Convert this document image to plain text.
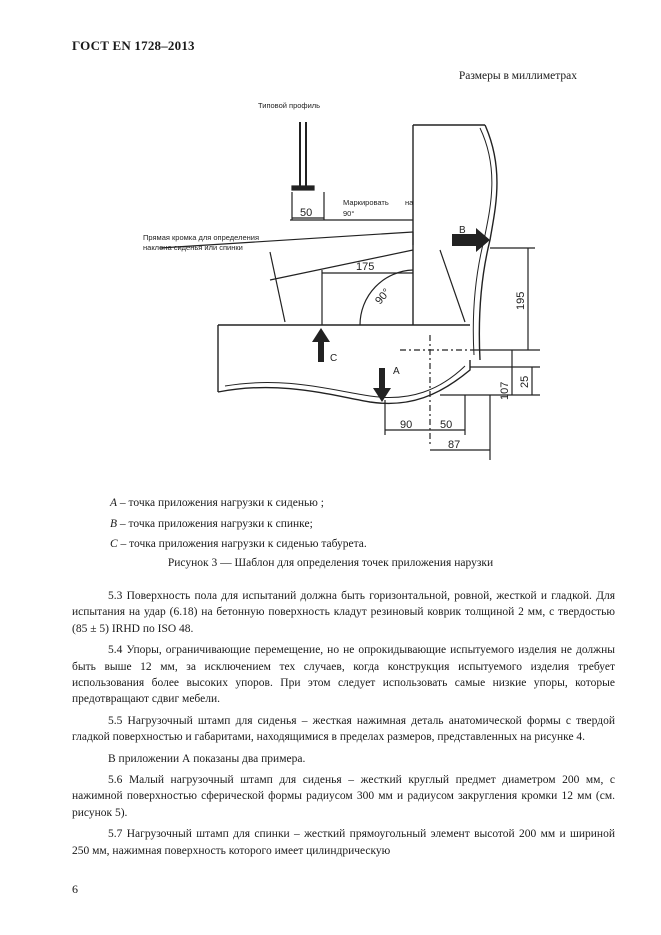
ГОСТ EN 1728–2013
Размеры в миллиметрах
Типовой профиль
Маркировать на
90°
Прямая кромка для определения
наклона сиденья или спинки
50
175
90°	195
107 25
90	50
87
A
B
C
A – точка приложения нагрузки к сиденью ;
B – точка приложения нагрузки к спинке;
C – точка приложения нагрузки к сиденью табурета.
Рисунок 3 — Шаблон для определения точек приложения нарузки

5.3 Поверхность пола для испытаний должна быть горизонтальной, ровной, жесткой и гладкой. Для испытания на удар (6.18) на бетонную поверхность кладут резиновый коврик толщиной 2 мм, с твердостью (85 ± 5) IRHD по ISO 48.

5.4 Упоры, ограничивающие перемещение, но не опрокидывающие испытуемого изделия не должны быть выше 12 мм, за исключением тех случаев, когда конструкция испытуемого изделия требует использования более высоких упоров. При этом следует использовать самые низкие упоры, которые предотвращают сдвиг мебели.

5.5 Нагрузочный штамп для сиденья – жесткая нажимная деталь анатомической формы с твердой гладкой поверхностью и габаритами, находящимися в пределах размеров, представленных на рисунке 4.

В приложении А показаны два примера.

5.6 Малый нагрузочный штамп для сиденья – жесткий круглый предмет диаметром 200 мм, с нажимной поверхностью сферической формы радиусом 300 мм и радиусом закругления кромки 12 мм (см. рисунок 5).

5.7 Нагрузочный штамп для спинки – жесткий прямоугольный элемент высотой 200 мм и шириной 250 мм, нажимная поверхность которого имеет цилиндрическую

6
